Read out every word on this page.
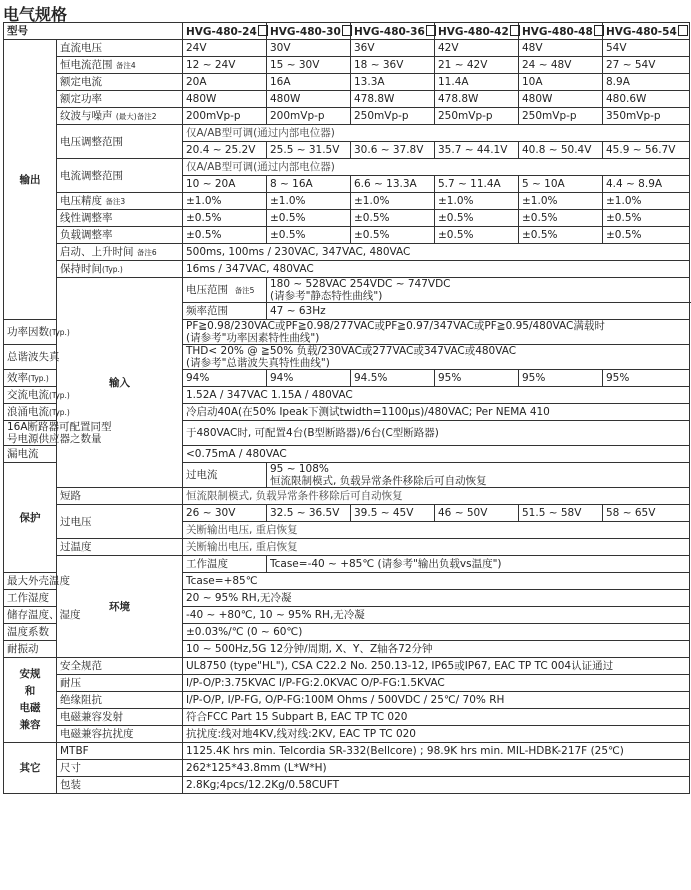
电气规格
型号		HVG-480-24	HVG-480-30	HVG-480-36	HVG-480-42	HVG-480-48	HVG-480-54
输出	直流电压	24V	30V	36V	42V	48V	54V
	恒电流范围 备注4	12 ~ 24V	15 ~ 30V	18 ~ 36V	21 ~ 42V	24 ~ 48V	27 ~ 54V
	额定电流	20A	16A	13.3A	11.4A	10A	8.9A
	额定功率	480W	480W	478.8W	478.8W	480W	480.6W
	纹波与噪声 (最大)备注2	200mVp-p	200mVp-p	250mVp-p	250mVp-p	250mVp-p	350mVp-p
	电压调整范围	仅A/AB型可调(通过内部电位器)					
		20.4 ~ 25.2V	25.5 ~ 31.5V	30.6 ~ 37.8V	35.7 ~ 44.1V	40.8 ~ 50.4V	45.9 ~ 56.7V
	电流调整范围	仅A/AB型可调(通过内部电位器)					
		10 ~ 20A	8 ~ 16A	6.6 ~ 13.3A	5.7 ~ 11.4A	5 ~ 10A	4.4 ~ 8.9A
	电压精度 备注3	±1.0%	±1.0%	±1.0%	±1.0%	±1.0%	±1.0%
	线性调整率	±0.5%	±0.5%	±0.5%	±0.5%	±0.5%	±0.5%
	负载调整率	±0.5%	±0.5%	±0.5%	±0.5%	±0.5%	±0.5%
	启动、上升时间 备注6	500ms, 100ms / 230VAC, 347VAC, 480VAC					
	保持时间(Typ.)	16ms / 347VAC, 480VAC					
	输入	电压范围 备注5	180 ~ 528VAC 254VDC ~ 747VDC
(请参考"静态特性曲线")				

		频率范围	47 ~ 63Hz				
功率因数(Typ.)		PF≧0.98/230VAC或PF≧0.98/277VAC或PF≧0.97/347VAC或PF≧0.95/480VAC满载时
(请参考"功率因素特性曲线")					

总谐波失真		THD< 20% @ ≧50% 负载/230VAC或277VAC或347VAC或480VAC
(请参考"总谐波失真特性曲线")					

效率(Typ.)		94%	94%	94.5%	95%	95%	95%
交流电流(Typ.)		1.52A / 347VAC 1.15A / 480VAC					
浪涌电流(Typ.)		冷启动40A(在50% Ipeak下测试twidth=1100μs)/480VAC; Per NEMA 410					

16A断路器可配置同型
号电源供应器之数量		于480VAC时, 可配置4台(B型断路器)/6台(C型断路器)					
漏电流		<0.75mA / 480VAC					
保护		过电流	95 ~ 108%
恒流限制模式, 负载异常条件移除后可自动恢复				

	短路	恒流限制模式, 负载异常条件移除后可自动恢复					
	过电压	26 ~ 30V	32.5 ~ 36.5V	39.5 ~ 45V	46 ~ 50V	51.5 ~ 58V	58 ~ 65V
		关断输出电压, 重启恢复					
	过温度	关断输出电压, 重启恢复					
	环境	工作温度	Tcase=-40 ~ +85℃ (请参考"输出负载vs温度")				
最大外壳温度		Tcase=+85℃					
工作湿度		20 ~ 95% RH,无冷凝					
储存温度、湿度		-40 ~ +80℃, 10 ~ 95% RH,无冷凝					
温度系数		±0.03%/℃ (0 ~ 60℃)					
耐振动		10 ~ 500Hz,5G 12分钟/周期, X、Y、Z轴各72分钟					

安规
和
电磁
兼容	安全规范	UL8750 (type"HL"), CSA C22.2 No. 250.13-12, IP65或IP67, EAC TP TC 004认证通过					
	耐压	I/P-O/P:3.75KVAC I/P-FG:2.0KVAC O/P-FG:1.5KVAC					
	绝缘阻抗	I/P-O/P, I/P-FG, O/P-FG:100M Ohms / 500VDC / 25℃/ 70% RH					
	电磁兼容发射	符合FCC Part 15 Subpart B, EAC TP TC 020					
	电磁兼容抗扰度	抗扰度:线对地4KV,线对线:2KV, EAC TP TC 020					
其它	MTBF	1125.4K hrs min. Telcordia SR-332(Bellcore) ; 98.9K hrs min. MIL-HDBK-217F (25℃)					
	尺寸	262*125*43.8mm (L*W*H)					
	包装	2.8Kg;4pcs/12.2Kg/0.58CUFT					
